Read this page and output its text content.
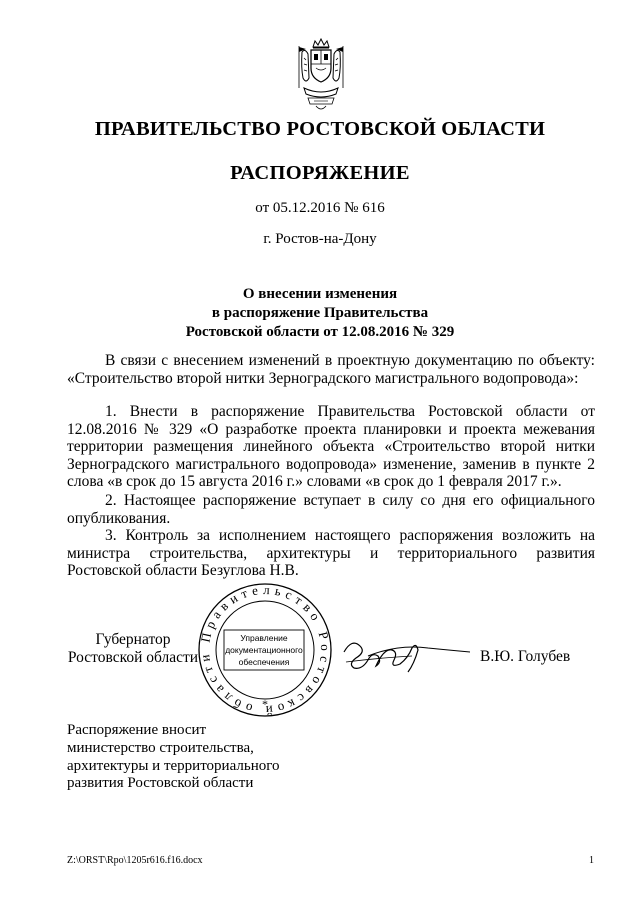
ПРАВИТЕЛЬСТВО РОСТОВСКОЙ ОБЛАСТИ
РАСПОРЯЖЕНИЕ
от 05.12.2016 № 616
г. Ростов-на-Дону
О внесении изменения
в распоряжение Правительства
Ростовской области от 12.08.2016 № 329
В связи с внесением изменений в проектную документацию по объекту: «Строительство второй нитки Зерноградского магистрального водопровода»:
1. Внести в распоряжение Правительства Ростовской области от 12.08.2016 № 329 «О разработке проекта планировки и проекта межевания территории размещения линейного объекта «Строительство второй нитки Зерноградского магистрального водопровода» изменение, заменив в пункте 2 слова «в срок до 15 августа 2016 г.» словами «в срок до 1 февраля 2017 г.».
2. Настоящее распоряжение вступает в силу со дня его официального опубликования.
3. Контроль за исполнением настоящего распоряжения возложить на министра строительства, архитектуры и территориального развития Ростовской области Безуглова Н.В.
Губернатор
Ростовской области
Правительство Ростовской области
Управление
документационного
обеспечения
*
В.Ю. Голубев
Распоряжение вносит
министерство строительства,
архитектуры и территориального
развития Ростовской области
Z:\ORST\Rpo\1205r616.f16.docx	1
